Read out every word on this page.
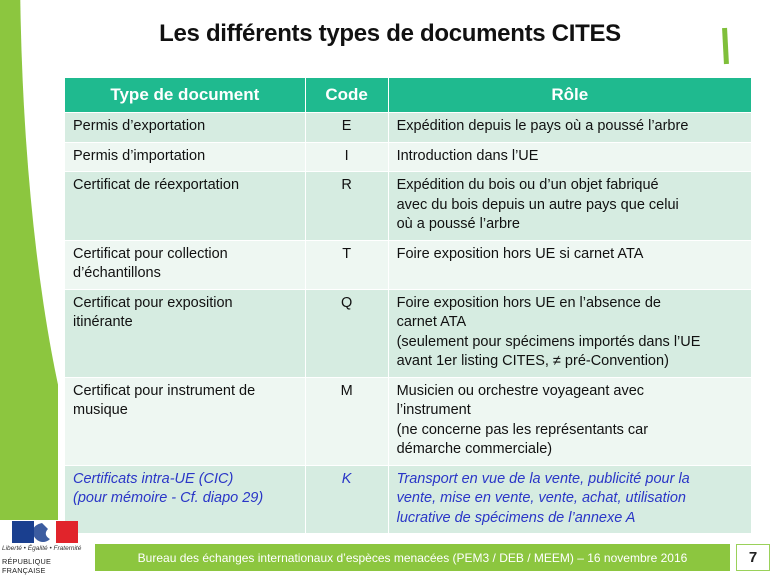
Les différents types de documents CITES
Type de document	Code	Rôle
Permis d’exportation	E	Expédition depuis le pays où a poussé l’arbre
Permis d’importation	I	Introduction dans l’UE
Certificat de réexportation	R	Expédition du bois ou d’un objet fabriqué
avec du bois depuis un autre pays que celui
où a poussé l’arbre
Certificat pour collection
d’échantillons	T	Foire exposition hors UE si carnet ATA
Certificat pour exposition
itinérante	Q	Foire exposition hors UE en l’absence de
carnet ATA
(seulement pour spécimens importés dans l’UE
avant 1er listing CITES, ≠ pré-Convention)
Certificat pour instrument de
musique	M	Musicien ou orchestre voyageant avec
l’instrument
(ne concerne pas les représentants car
démarche commerciale)
Certificats intra-UE (CIC)
(pour mémoire - Cf. diapo 29)	K	Transport en vue de la vente, publicité pour la
vente, mise en vente, vente, achat, utilisation
lucrative de spécimens de l’annexe A
Liberté • Égalité • Fraternité
RÉPUBLIQUE FRANÇAISE
Bureau des échanges internationaux d’espèces menacées (PEM3 / DEB / MEEM) – 16 novembre 2016	7
